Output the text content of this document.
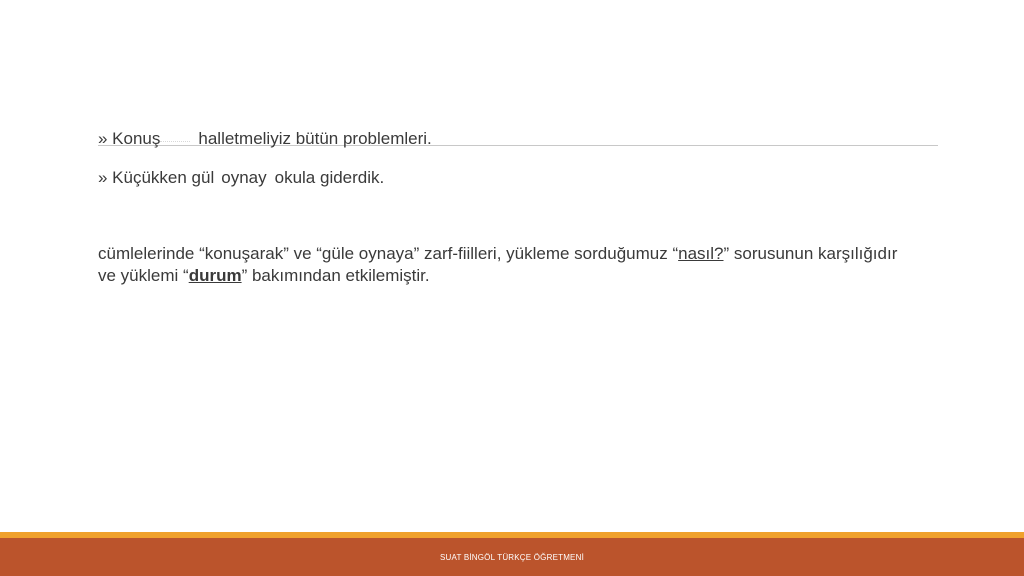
» Konuş halletmeliyiz bütün problemleri.
» Küçükken gül oynay okula giderdik.
cümlelerinde “konuşarak” ve “güle oynaya” zarf-fiilleri, yükleme sorduğumuz “nasıl?” sorusunun karşılığıdır ve yüklemi “durum” bakımından etkilemiştir.
SUAT BİNGÖL TÜRKÇE ÖĞRETMENİ
